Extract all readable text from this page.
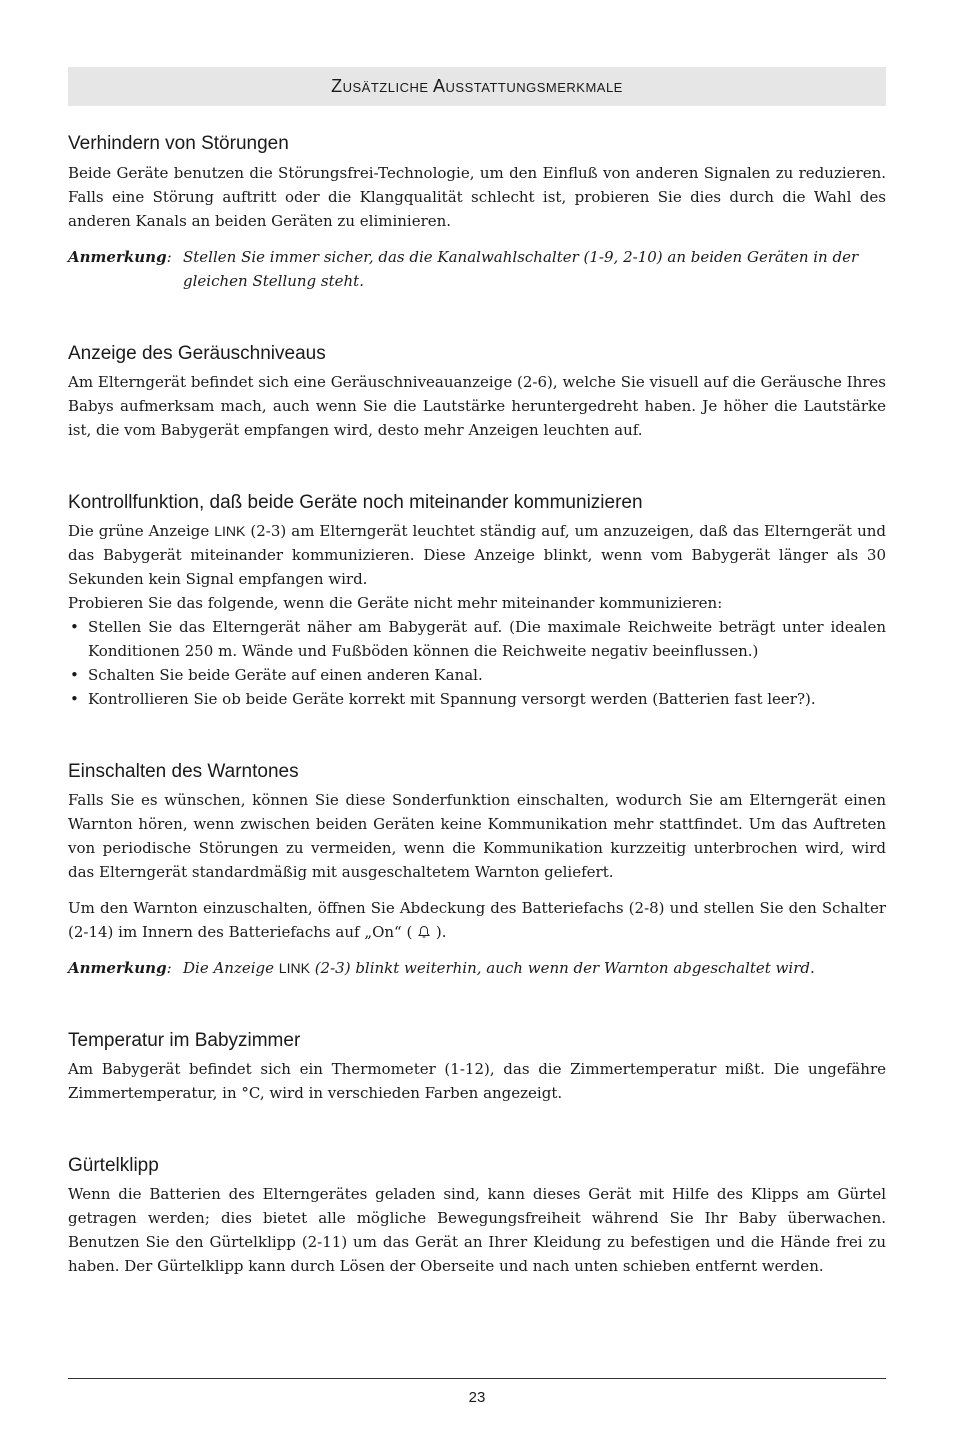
Zusätzliche Ausstattungsmerkmale
Verhindern von Störungen

Beide Geräte benutzen die Störungsfrei-Technologie, um den Einfluß von anderen Signalen zu reduzieren. Falls eine Störung auftritt oder die Klangqualität schlecht ist, probieren Sie dies durch die Wahl des anderen Kanals an beiden Geräten zu eliminieren.

Anmerkung: Stellen Sie immer sicher, das die Kanalwahlschalter (1-9, 2-10) an beiden Geräten in der gleichen Stellung steht.
Anzeige des Geräuschniveaus

Am Elterngerät befindet sich eine Geräuschniveauanzeige (2-6), welche Sie visuell auf die Geräusche Ihres Babys aufmerksam mach, auch wenn Sie die Lautstärke heruntergedreht haben. Je höher die Lautstärke ist, die vom Babygerät empfangen wird, desto mehr Anzeigen leuchten auf.

Kontrollfunktion, daß beide Geräte noch miteinander kommunizieren

Die grüne Anzeige LINK (2-3) am Elterngerät leuchtet ständig auf, um anzuzeigen, daß das Elterngerät und das Babygerät miteinander kommunizieren. Diese Anzeige blinkt, wenn vom Babygerät länger als 30 Sekunden kein Signal empfangen wird.

Probieren Sie das folgende, wenn die Geräte nicht mehr miteinander kommunizieren:

• Stellen Sie das Elterngerät näher am Babygerät auf. (Die maximale Reichweite beträgt unter idealen Konditionen 250 m. Wände und Fußböden können die Reichweite negativ beeinflussen.)
• Schalten Sie beide Geräte auf einen anderen Kanal.
• Kontrollieren Sie ob beide Geräte korrekt mit Spannung versorgt werden (Batterien fast leer?).
Einschalten des Warntones

Falls Sie es wünschen, können Sie diese Sonderfunktion einschalten, wodurch Sie am Elterngerät einen Warnton hören, wenn zwischen beiden Geräten keine Kommunikation mehr stattfindet. Um das Auftreten von periodische Störungen zu vermeiden, wenn die Kommunikation kurzzeitig unterbrochen wird, wird das Elterngerät standardmäßig mit ausgeschaltetem Warnton geliefert.

Um den Warnton einzuschalten, öffnen Sie Abdeckung des Batteriefachs (2-8) und stellen Sie den Schalter (2-14) im Innern des Batteriefachs auf „On“ (  ).

Anmerkung: Die Anzeige LINK (2-3) blinkt weiterhin, auch wenn der Warnton abgeschaltet wird.
Temperatur im Babyzimmer

Am Babygerät befindet sich ein Thermometer (1-12), das die Zimmertemperatur mißt. Die ungefähre Zimmertemperatur, in °C, wird in verschieden Farben angezeigt.

Gürtelklipp

Wenn die Batterien des Elterngerätes geladen sind, kann dieses Gerät mit Hilfe des Klipps am Gürtel getragen werden; dies bietet alle mögliche Bewegungsfreiheit während Sie Ihr Baby überwachen. Benutzen Sie den Gürtelklipp (2-11) um das Gerät an Ihrer Kleidung zu befestigen und die Hände frei zu haben. Der Gürtelklipp kann durch Lösen der Oberseite und nach unten schieben entfernt werden.

23
